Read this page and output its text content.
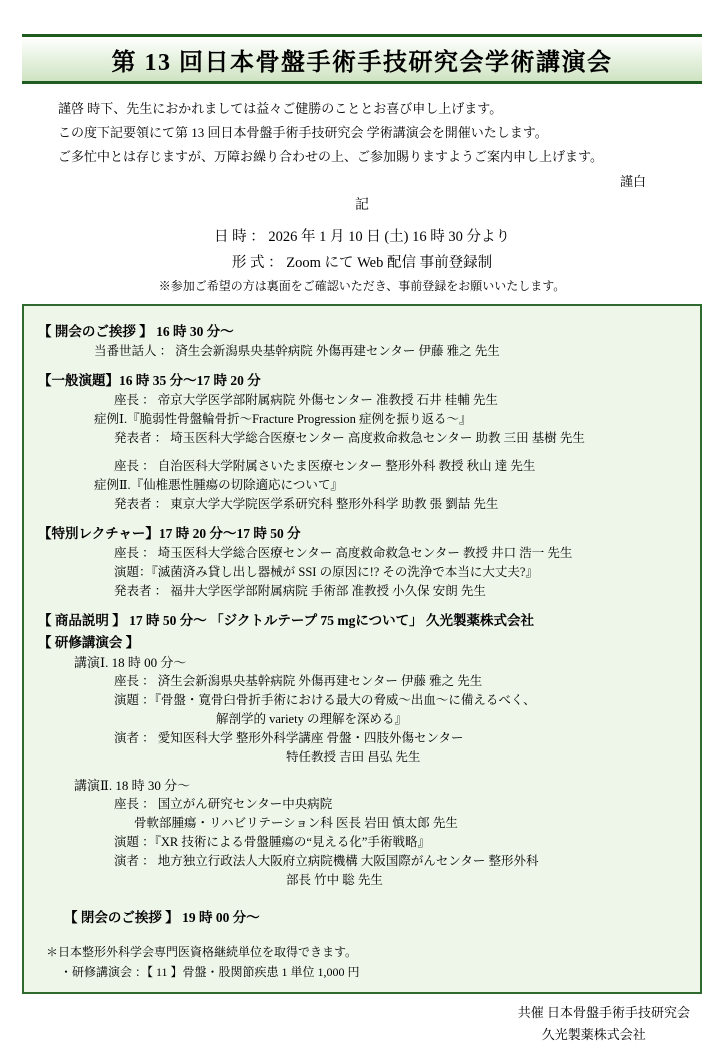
第 13 回日本骨盤手術手技研究会学術講演会
謹啓 時下、先生におかれましては益々ご健勝のこととお喜び申し上げます。
この度下記要領にて第 13 回日本骨盤手術手技研究会 学術講演会を開催いたします。
ご多忙中とは存じますが、万障お繰り合わせの上、ご参加賜りますようご案内申し上げます。
謹白
記
日 時 ： 2026 年 1 月 10 日 (土) 16 時 30 分より
形 式 ： Zoom にて Web 配信 事前登録制
※参加ご希望の方は裏面をご確認いただき、事前登録をお願いいたします。
【 開会のご挨拶 】 16 時 30 分～
当番世話人 ： 済生会新潟県央基幹病院 外傷再建センター 伊藤 雅之 先生
【一般演題】16 時 35 分～17 時 20 分
座長 ： 帝京大学医学部附属病院 外傷センター 准教授 石井 桂輔 先生
症例Ⅰ.『脆弱性骨盤輪骨折〜Fracture Progression 症例を振り返る〜』
発表者 ： 埼玉医科大学総合医療センター 高度救命救急センター 助教 三田 基樹 先生
座長 ： 自治医科大学附属さいたま医療センター 整形外科 教授 秋山 達 先生
症例Ⅱ.『仙椎悪性腫瘍の切除適応について』
発表者 ： 東京大学大学院医学系研究科 整形外科学 助教 張 劉喆 先生
【特別レクチャー】17 時 20 分～17 時 50 分
座長 ： 埼玉医科大学総合医療センター 高度救命救急センター 教授 井口 浩一 先生
演題：『滅菌済み貸し出し器械が SSI の原因に!? その洗浄で本当に大丈夫?』
発表者 ： 福井大学医学部附属病院 手術部 准教授 小久保 安朗 先生
【 商品説明 】 17 時 50 分～ 「ジクトルテープ 75 mgについて」 久光製薬株式会社
【 研修講演会 】
講演Ⅰ. 18 時 00 分～
座長 ： 済生会新潟県央基幹病院 外傷再建センター 伊藤 雅之 先生
演題 ：『骨盤・寛骨臼骨折手術における最大の脅威〜出血〜に備えるべく、
解剖学的 variety の理解を深める』
演者 ： 愛知医科大学 整形外科学講座 骨盤・四肢外傷センター
特任教授 吉田 昌弘 先生
講演Ⅱ. 18 時 30 分～
座長 ： 国立がん研究センター中央病院
骨軟部腫瘍・リハビリテーション科 医長 岩田 慎太郎 先生
演題 ：『XR 技術による骨盤腫瘍の“見える化”手術戦略』
演者 ： 地方独立行政法人大阪府立病院機構 大阪国際がんセンター 整形外科
部長 竹中 聡 先生
【 閉会のご挨拶 】 19 時 00 分～
＊日本整形外科学会専門医資格継続単位を取得できます。
・研修講演会 ：【 11 】骨盤・股関節疾患 1 単位 1,000 円
共催 日本骨盤手術手技研究会
久光製薬株式会社
